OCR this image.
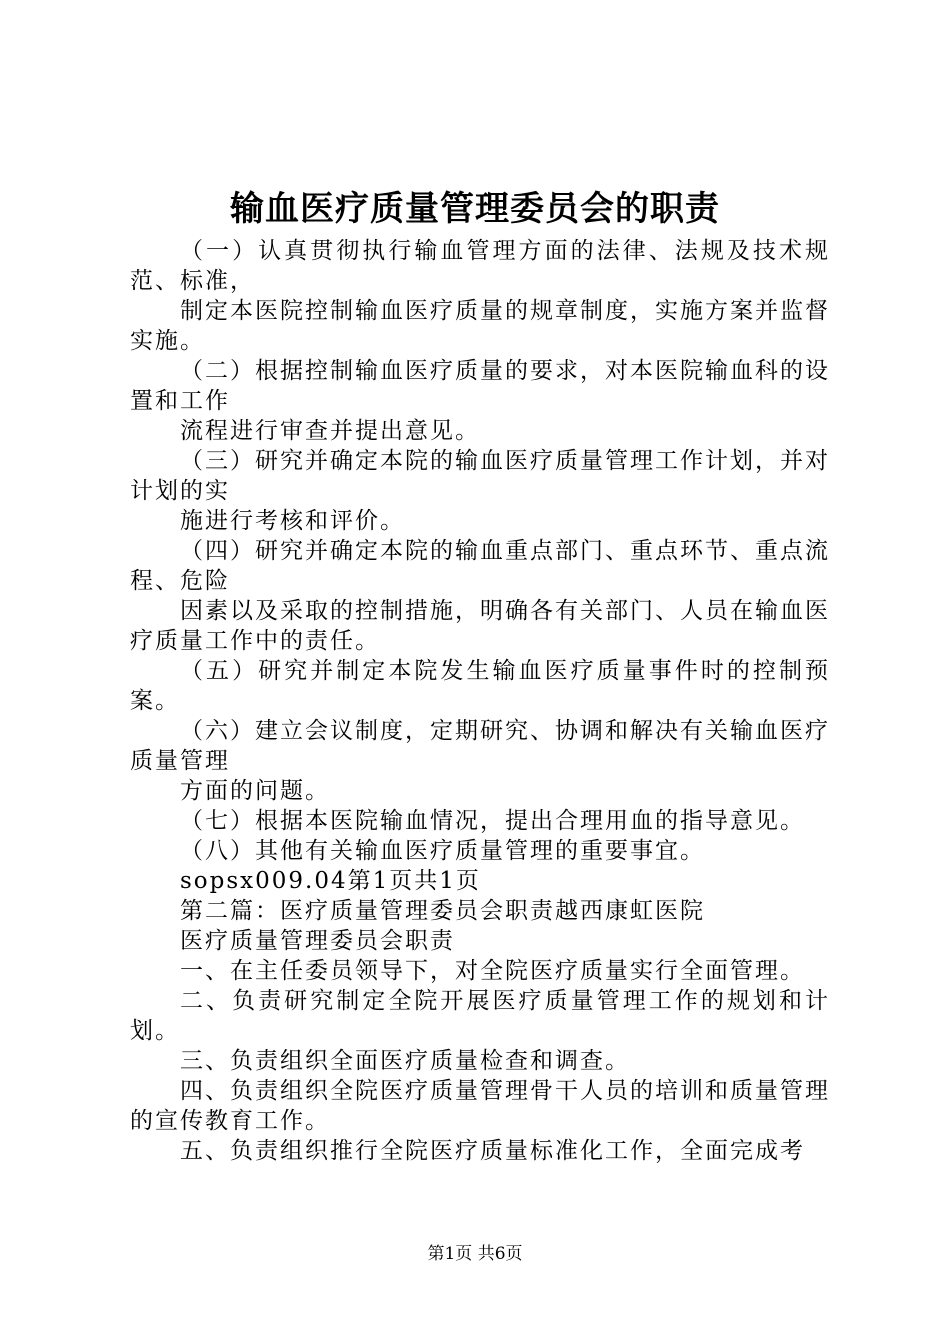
输血医疗质量管理委员会的职责

（一）认真贯彻执行输血管理方面的法律、法规及技术规范、标准，

制定本医院控制输血医疗质量的规章制度，实施方案并监督实施。

（二）根据控制输血医疗质量的要求，对本医院输血科的设置和工作

流程进行审查并提出意见。

（三）研究并确定本院的输血医疗质量管理工作计划，并对计划的实

施进行考核和评价。

（四）研究并确定本院的输血重点部门、重点环节、重点流程、危险

因素以及采取的控制措施，明确各有关部门、人员在输血医疗质量工作中的责任。

（五）研究并制定本院发生输血医疗质量事件时的控制预案。

（六）建立会议制度，定期研究、协调和解决有关输血医疗质量管理

方面的问题。

（七）根据本医院输血情况，提出合理用血的指导意见。

（八）其他有关输血医疗质量管理的重要事宜。

sopsx009.04第1页共1页

第二篇：医疗质量管理委员会职责越西康虹医院

医疗质量管理委员会职责

一、在主任委员领导下，对全院医疗质量实行全面管理。

二、负责研究制定全院开展医疗质量管理工作的规划和计划。

三、负责组织全面医疗质量检查和调查。

四、负责组织全院医疗质量管理骨干人员的培训和质量管理的宣传教育工作。

五、负责组织推行全院医疗质量标准化工作，全面完成考

第1页 共6页
